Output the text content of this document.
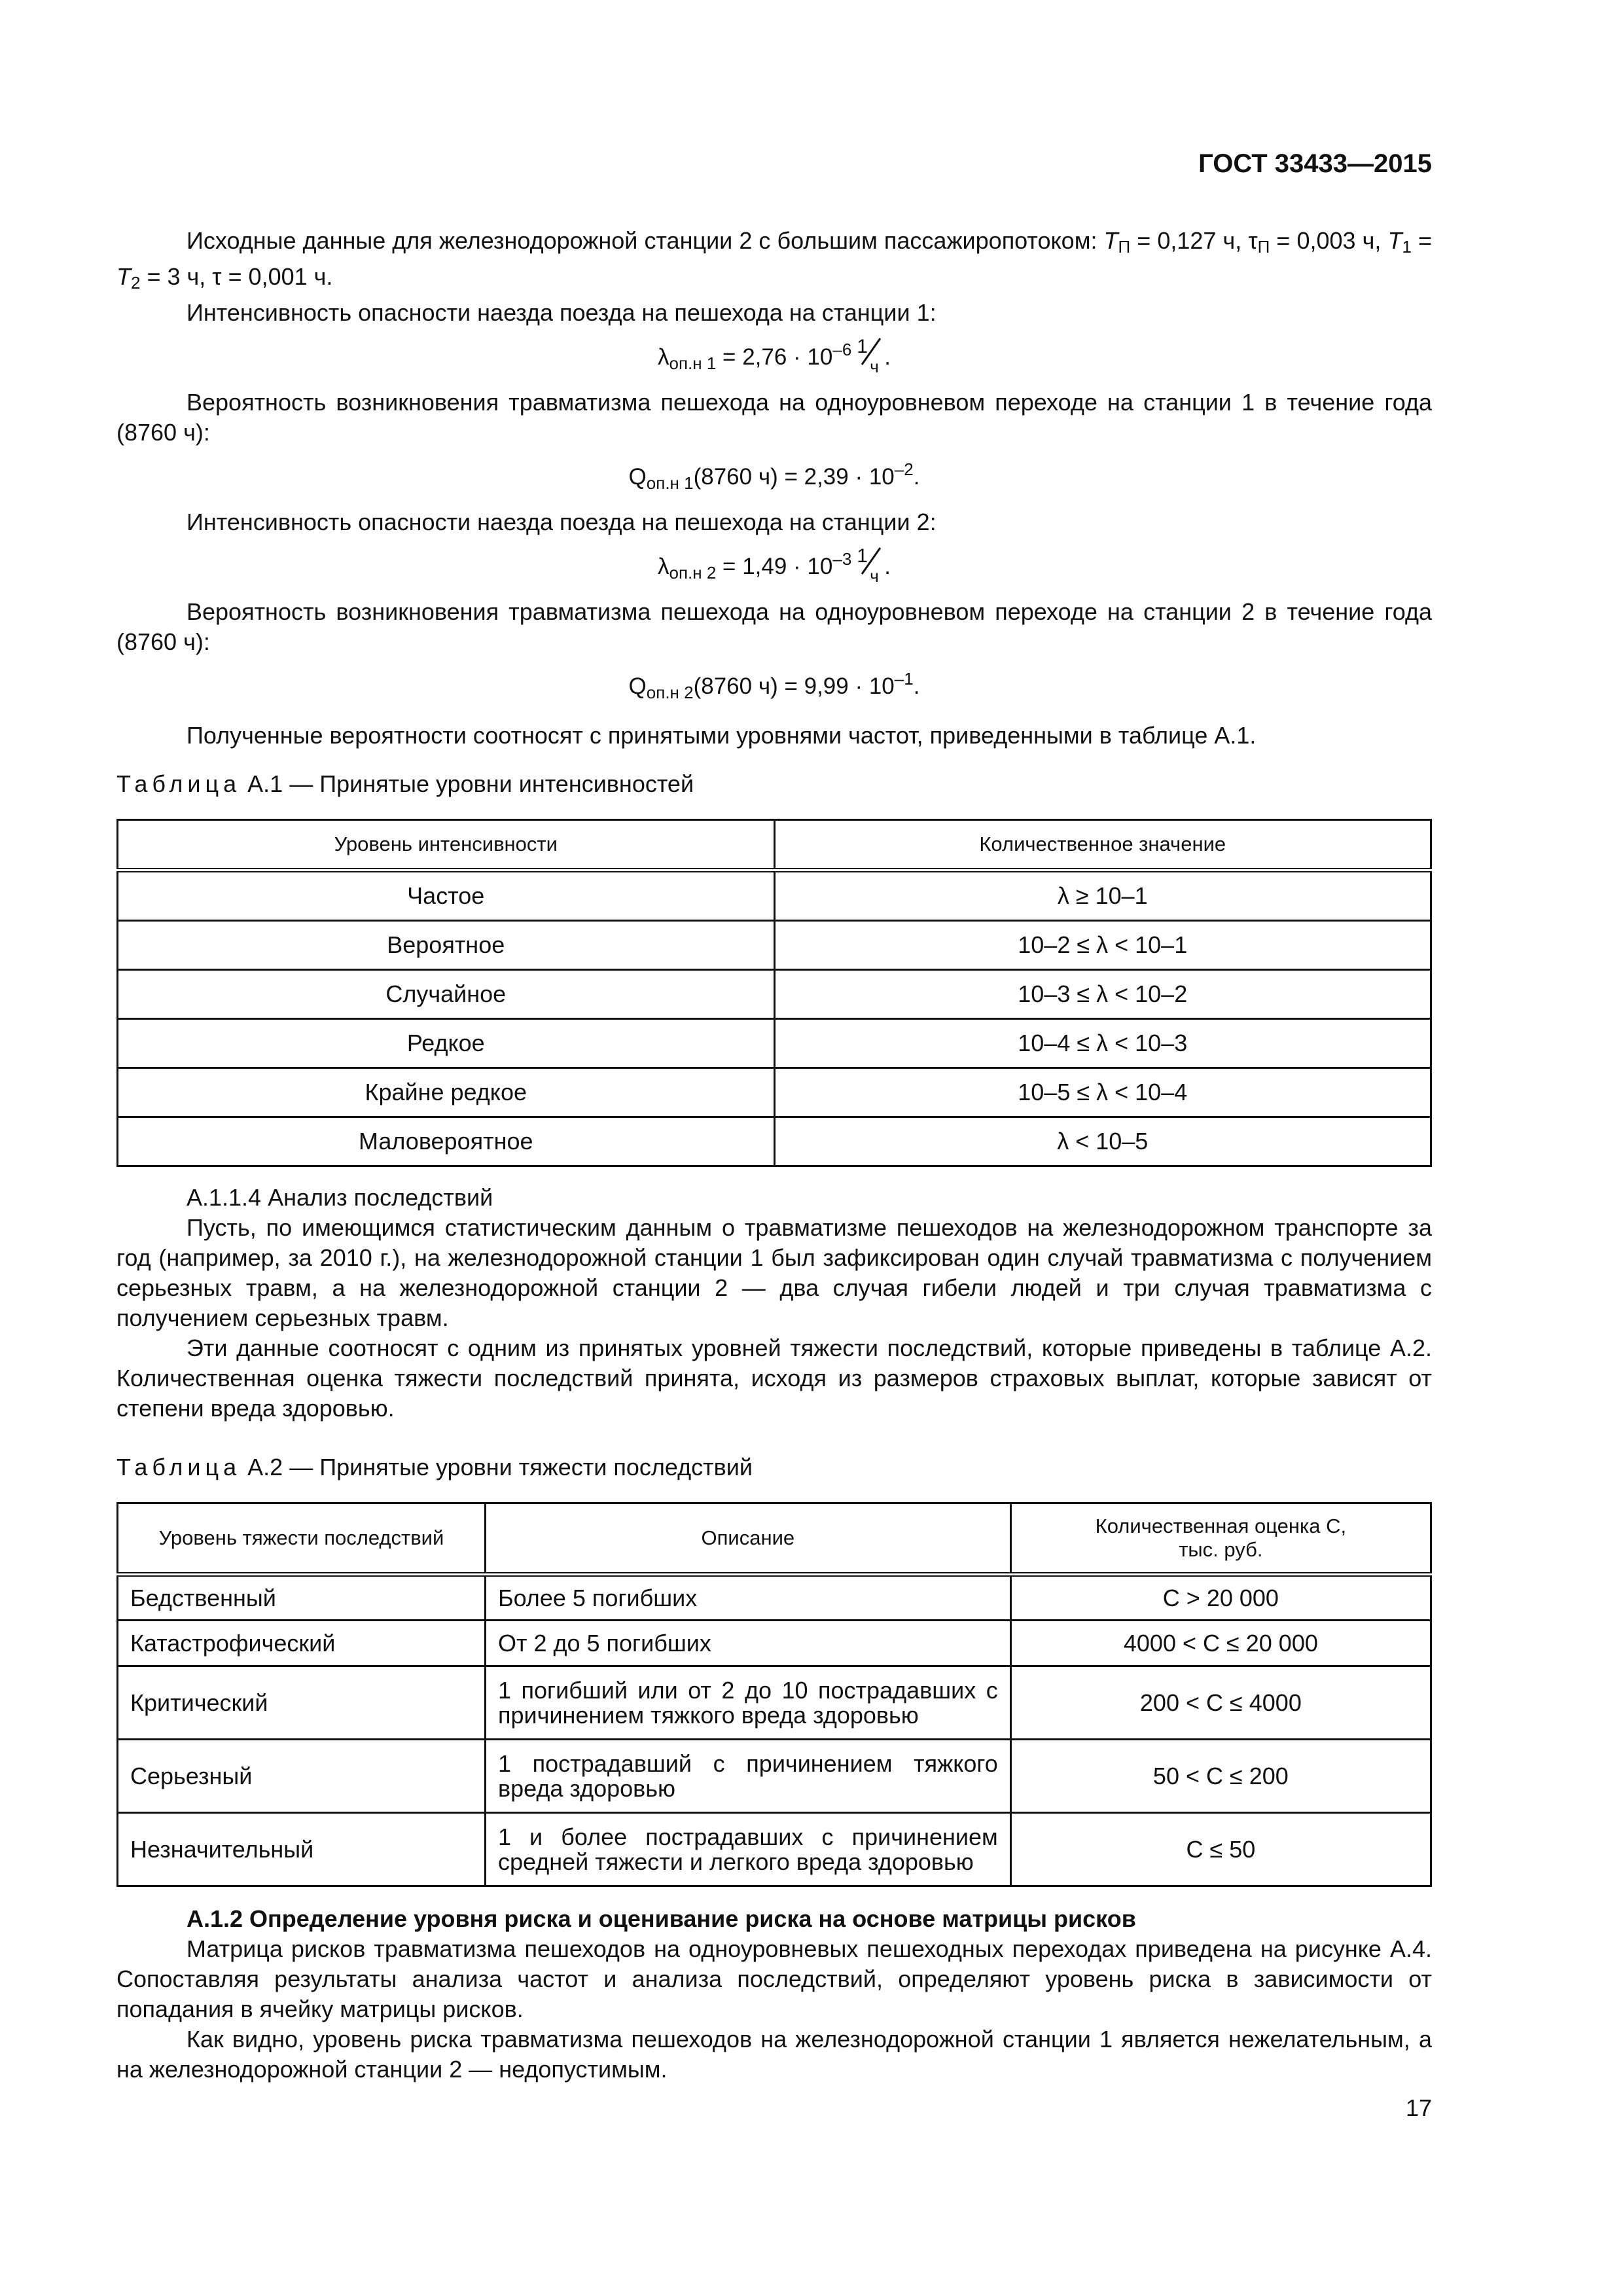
ГОСТ 33433—2015

Исходные данные для железнодорожной станции 2 с большим пассажиропотоком: TП = 0,127 ч, τП = 0,003 ч, T1 = T2 = 3 ч, τ = 0,001 ч.

Интенсивность опасности наезда поезда на пешехода на станции 1:

$\lambda_{оп.н 1} = 2,76 \cdot 10^{-6}$ 1
ч .

Вероятность возникновения травматизма пешехода на одноуровневом переходе на станции 1 в течение года (8760 ч):

$Q_{оп.н 1}(8760$ $ч) = 2,39 \cdot 10^{-2}$.

Интенсивность опасности наезда поезда на пешехода на станции 2:

$\lambda_{оп.н 2} = 1,49 \cdot 10^{-3}$ 1
ч .

Вероятность возникновения травматизма пешехода на одноуровневом переходе на станции 2 в течение года (8760 ч):

$Q_{оп.н 2}(8760$ $ч) = 9,99 \cdot 10^{-1}$.

Полученные вероятности соотносят с принятыми уровнями частот, приведенными в таблице А.1.

Таблица А.1 — Принятые уровни интенсивностей

Уровень интенсивности	Количественное значение
Частое	λ ≥ 10–1
Вероятное	10–2 ≤ λ < 10–1
Случайное	10–3 ≤ λ < 10–2
Редкое	10–4 ≤ λ < 10–3
Крайне редкое	10–5 ≤ λ < 10–4
Маловероятное	λ < 10–5

А.1.1.4 Анализ последствий

Пусть, по имеющимся статистическим данным о травматизме пешеходов на железнодорожном транспорте за год (например, за 2010 г.), на железнодорожной станции 1 был зафиксирован один случай травматизма с получением серьезных травм, а на железнодорожной станции 2 — два случая гибели людей и три случая травматизма с получением серьезных травм.

Эти данные соотносят с одним из принятых уровней тяжести последствий, которые приведены в таблице А.2. Количественная оценка тяжести последствий принята, исходя из размеров страховых выплат, которые зависят от степени вреда здоровью.

Таблица А.2 — Принятые уровни тяжести последствий

Уровень тяжести последствий	Описание	Количественная оценка С,
тыс. руб.
Бедственный	Более 5 погибших	С > 20 000
Катастрофический	От 2 до 5 погибших	4000 < С ≤ 20 000
Критический	1 погибший или от 2 до 10 пострадавших с причинением тяжкого вреда здоровью	200 < С ≤ 4000
Серьезный	1 пострадавший с причинением тяжкого вреда здоровью	50 < С ≤ 200
Незначительный	1 и более пострадавших с причинением средней тяжести и легкого вреда здоровью	С ≤ 50

А.1.2 Определение уровня риска и оценивание риска на основе матрицы рисков

Матрица рисков травматизма пешеходов на одноуровневых пешеходных переходах приведена на рисунке А.4. Сопоставляя результаты анализа частот и анализа последствий, определяют уровень риска в зависимости от попадания в ячейку матрицы рисков.

Как видно, уровень риска травматизма пешеходов на железнодорожной станции 1 является нежелательным, а на железнодорожной станции 2 — недопустимым.

17
